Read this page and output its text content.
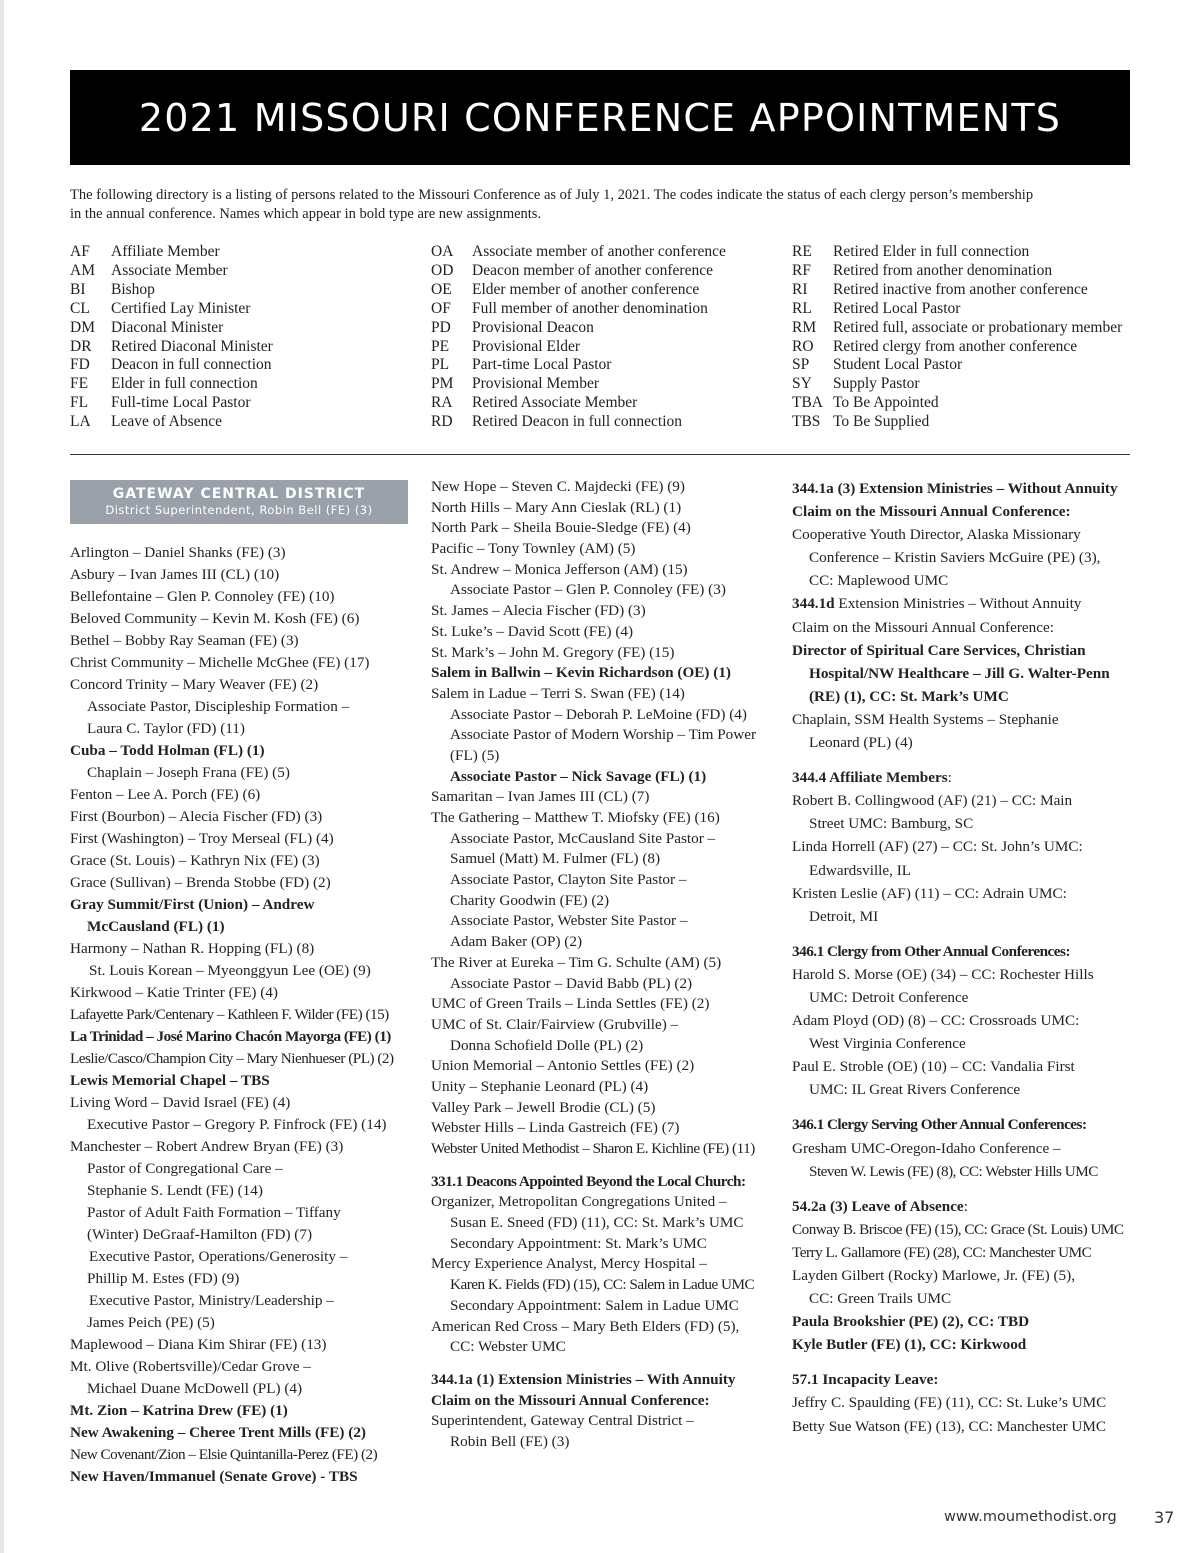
2021 MISSOURI CONFERENCE APPOINTMENTS
The following directory is a listing of persons related to the Missouri Conference as of July 1, 2021. The codes indicate the status of each clergy person’s membership
in the annual conference. Names which appear in bold type are new assignments.
AF	Affiliate Member
AM	Associate Member
BI	Bishop
CL	Certified Lay Minister
DM	Diaconal Minister
DR	Retired Diaconal Minister
FD	Deacon in full connection
FE	Elder in full connection
FL	Full-time Local Pastor
LA	Leave of Absence
OA	Associate member of another conference
OD	Deacon member of another conference
OE	Elder member of another conference
OF	Full member of another denomination
PD	Provisional Deacon
PE	Provisional Elder
PL	Part-time Local Pastor
PM	Provisional Member
RA	Retired Associate Member
RD	Retired Deacon in full connection
RE	Retired Elder in full connection
RF	Retired from another denomination
RI	Retired inactive from another conference
RL	Retired Local Pastor
RM	Retired full, associate or probationary member
RO	Retired clergy from another conference
SP	Student Local Pastor
SY	Supply Pastor
TBA To Be Appointed
TBS To Be Supplied
GATEWAY CENTRAL DISTRICT
District Superintendent, Robin Bell (FE) (3)
Arlington – Daniel Shanks (FE) (3)
Asbury – Ivan James III (CL) (10)
Bellefontaine – Glen P. Connoley (FE) (10)
Beloved Community – Kevin M. Kosh (FE) (6)
Bethel – Bobby Ray Seaman (FE) (3)
Christ Community – Michelle McGhee (FE) (17)
Concord Trinity – Mary Weaver (FE) (2)
Associate Pastor, Discipleship Formation –
Laura C. Taylor (FD) (11)
Cuba – Todd Holman (FL) (1)
Chaplain – Joseph Frana (FE) (5)
Fenton – Lee A. Porch (FE) (6)
First (Bourbon) – Alecia Fischer (FD) (3)
First (Washington) – Troy Merseal (FL) (4)
Grace (St. Louis) – Kathryn Nix (FE) (3)
Grace (Sullivan) – Brenda Stobbe (FD) (2)
Gray Summit/First (Union) – Andrew
McCausland (FL) (1)
Harmony – Nathan R. Hopping (FL) (8)
St. Louis Korean – Myeonggyun Lee (OE) (9)
Kirkwood – Katie Trinter (FE) (4)
Lafayette Park/Centenary – Kathleen F. Wilder (FE) (15)
La Trinidad – José Marino Chacón Mayorga (FE) (1)
Leslie/Casco/Champion City – Mary Nienhueser (PL) (2)
Lewis Memorial Chapel – TBS
Living Word – David Israel (FE) (4)
Executive Pastor – Gregory P. Finfrock (FE) (14)
Manchester – Robert Andrew Bryan (FE) (3)
Pastor of Congregational Care –
Stephanie S. Lendt (FE) (14)
Pastor of Adult Faith Formation – Tiffany
(Winter) DeGraaf-Hamilton (FD) (7)
Executive Pastor, Operations/Generosity –
Phillip M. Estes (FD) (9)
Executive Pastor, Ministry/Leadership –
James Peich (PE) (5)
Maplewood – Diana Kim Shirar (FE) (13)
Mt. Olive (Robertsville)/Cedar Grove –
Michael Duane McDowell (PL) (4)
Mt. Zion – Katrina Drew (FE) (1)
New Awakening – Cheree Trent Mills (FE) (2)
New Covenant/Zion – Elsie Quintanilla-Perez (FE) (2)
New Haven/Immanuel (Senate Grove) - TBS
New Hope – Steven C. Majdecki (FE) (9)
North Hills – Mary Ann Cieslak (RL) (1)
North Park – Sheila Bouie-Sledge (FE) (4)
Pacific – Tony Townley (AM) (5)
St. Andrew – Monica Jefferson (AM) (15)
Associate Pastor – Glen P. Connoley (FE) (3)
St. James – Alecia Fischer (FD) (3)
St. Luke’s – David Scott (FE) (4)
St. Mark’s – John M. Gregory (FE) (15)
Salem in Ballwin – Kevin Richardson (OE) (1)
Salem in Ladue – Terri S. Swan (FE) (14)
Associate Pastor – Deborah P. LeMoine (FD) (4)
Associate Pastor of Modern Worship – Tim Power
(FL) (5)
Associate Pastor – Nick Savage (FL) (1)
Samaritan – Ivan James III (CL) (7)
The Gathering – Matthew T. Miofsky (FE) (16)
Associate Pastor, McCausland Site Pastor –
Samuel (Matt) M. Fulmer (FL) (8)
Associate Pastor, Clayton Site Pastor –
Charity Goodwin (FE) (2)
Associate Pastor, Webster Site Pastor –
Adam Baker (OP) (2)
The River at Eureka – Tim G. Schulte (AM) (5)
Associate Pastor – David Babb (PL) (2)
UMC of Green Trails – Linda Settles (FE) (2)
UMC of St. Clair/Fairview (Grubville) –
Donna Schofield Dolle (PL) (2)
Union Memorial – Antonio Settles (FE) (2)
Unity – Stephanie Leonard (PL) (4)
Valley Park – Jewell Brodie (CL) (5)
Webster Hills – Linda Gastreich (FE) (7)
Webster United Methodist – Sharon E. Kichline (FE) (11)
331.1 Deacons Appointed Beyond the Local Church:
Organizer, Metropolitan Congregations United –
Susan E. Sneed (FD) (11), CC: St. Mark’s UMC
Secondary Appointment: St. Mark’s UMC
Mercy Experience Analyst, Mercy Hospital –
Karen K. Fields (FD) (15), CC: Salem in Ladue UMC
Secondary Appointment: Salem in Ladue UMC
American Red Cross – Mary Beth Elders (FD) (5),
CC: Webster UMC
344.1a (1) Extension Ministries – With Annuity
Claim on the Missouri Annual Conference:
Superintendent, Gateway Central District –
Robin Bell (FE) (3)
344.1a (3) Extension Ministries – Without Annuity
Claim on the Missouri Annual Conference:
Cooperative Youth Director, Alaska Missionary
Conference – Kristin Saviers McGuire (PE) (3),
CC: Maplewood UMC
344.1d Extension Ministries – Without Annuity
Claim on the Missouri Annual Conference:
Director of Spiritual Care Services, Christian
Hospital/NW Healthcare – Jill G. Walter-Penn
(RE) (1), CC: St. Mark’s UMC
Chaplain, SSM Health Systems – Stephanie
Leonard (PL) (4)
344.4 Affiliate Members:
Robert B. Collingwood (AF) (21) – CC: Main
Street UMC: Bamburg, SC
Linda Horrell (AF) (27) – CC: St. John’s UMC:
Edwardsville, IL
Kristen Leslie (AF) (11) – CC: Adrain UMC:
Detroit, MI
346.1 Clergy from Other Annual Conferences:
Harold S. Morse (OE) (34) – CC: Rochester Hills
UMC: Detroit Conference
Adam Ployd (OD) (8) – CC: Crossroads UMC:
West Virginia Conference
Paul E. Stroble (OE) (10) – CC: Vandalia First
UMC: IL Great Rivers Conference
346.1 Clergy Serving Other Annual Conferences:
Gresham UMC-Oregon-Idaho Conference –
Steven W. Lewis (FE) (8), CC: Webster Hills UMC
54.2a (3) Leave of Absence:
Conway B. Briscoe (FE) (15), CC: Grace (St. Louis) UMC
Terry L. Gallamore (FE) (28), CC: Manchester UMC
Layden Gilbert (Rocky) Marlowe, Jr. (FE) (5),
CC: Green Trails UMC
Paula Brookshier (PE) (2), CC: TBD
Kyle Butler (FE) (1), CC: Kirkwood
57.1 Incapacity Leave:
Jeffry C. Spaulding (FE) (11), CC: St. Luke’s UMC
Betty Sue Watson (FE) (13), CC: Manchester UMC
www.moumethodist.org 37
